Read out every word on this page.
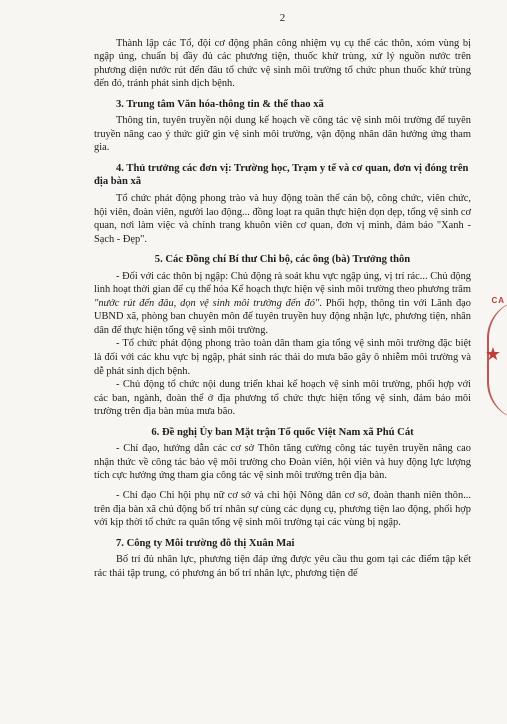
2

Thành lập các Tổ, đội cơ động phân công nhiệm vụ cụ thể các thôn, xóm vùng bị ngập úng, chuẩn bị đầy đủ các phương tiện, thuốc khử trùng, xử lý nguồn nước trên phương diện nước rút đến đâu tổ chức vệ sinh môi trường tổ chức phun thuốc khử trùng đến đó, tránh phát sinh dịch bệnh.

3. Trung tâm Văn hóa-thông tin & thể thao xã

Thông tin, tuyên truyền nội dung kế hoạch về công tác vệ sinh môi trường để tuyên truyền nâng cao ý thức giữ gìn vệ sinh môi trường, vận động nhân dân hưởng ứng tham gia.

4. Thủ trưởng các đơn vị: Trường học, Trạm y tế và cơ quan, đơn vị đóng trên địa bàn xã

Tổ chức phát động phong trào và huy động toàn thể cán bộ, công chức, viên chức, hội viên, đoàn viên, người lao động... đồng loạt ra quân thực hiện dọn dẹp, tổng vệ sinh cơ quan, nơi làm việc và chỉnh trang khuôn viên cơ quan, đơn vị mình, đảm bảo "Xanh - Sạch - Đẹp".

5. Các Đồng chí Bí thư Chi bộ, các ông (bà) Trưởng thôn

- Đối với các thôn bị ngập: Chủ động rà soát khu vực ngập úng, vị trí rác... Chủ động linh hoạt thời gian để cụ thể hóa Kế hoạch thực hiện vệ sinh môi trường theo phương trâm "nước rút đến đâu, dọn vệ sinh môi trường đến đó". Phối hợp, thông tin với Lãnh đạo UBND xã, phòng ban chuyên môn để tuyên truyền huy động nhận lực, phương tiện, nhân dân để thực hiện tổng vệ sinh môi trường.

- Tổ chức phát động phong trào toàn dân tham gia tổng vệ sinh môi trường đặc biệt là đối với các khu vực bị ngập, phát sinh rác thải do mưa bão gây ô nhiễm môi trường và dễ phát sinh dịch bệnh.

- Chủ động tổ chức nội dung triển khai kế hoạch vệ sinh môi trường, phối hợp với các ban, ngành, đoàn thể ở địa phương tổ chức thực hiện tổng vệ sinh, đảm bảo môi trường trên địa bàn mùa mưa bão.

6. Đề nghị Ủy ban Mặt trận Tổ quốc Việt Nam xã Phú Cát

- Chỉ đạo, hướng dẫn các cơ sở Thôn tăng cường công tác tuyên truyền nâng cao nhận thức về công tác bảo vệ môi trường cho Đoàn viên, hội viên và huy động lực lượng tích cực hưởng ứng tham gia công tác vệ sinh môi trường trên địa bàn.

- Chỉ đạo Chi hội phụ nữ cơ sở và chi hội Nông dân cơ sở, đoàn thanh niên thôn... trên địa bàn xã chủ động bố trí nhân sự cùng các dụng cụ, phương tiện lao động, phối hợp với kịp thời tổ chức ra quân tổng vệ sinh môi trường tại các vùng bị ngập.

7. Công ty Môi trường đô thị Xuân Mai

Bố trí đủ nhân lực, phương tiện đáp ứng được yêu cầu thu gom tại các điểm tập kết rác thải tập trung, có phương án bố trí nhân lực, phương tiện để

CA
★
